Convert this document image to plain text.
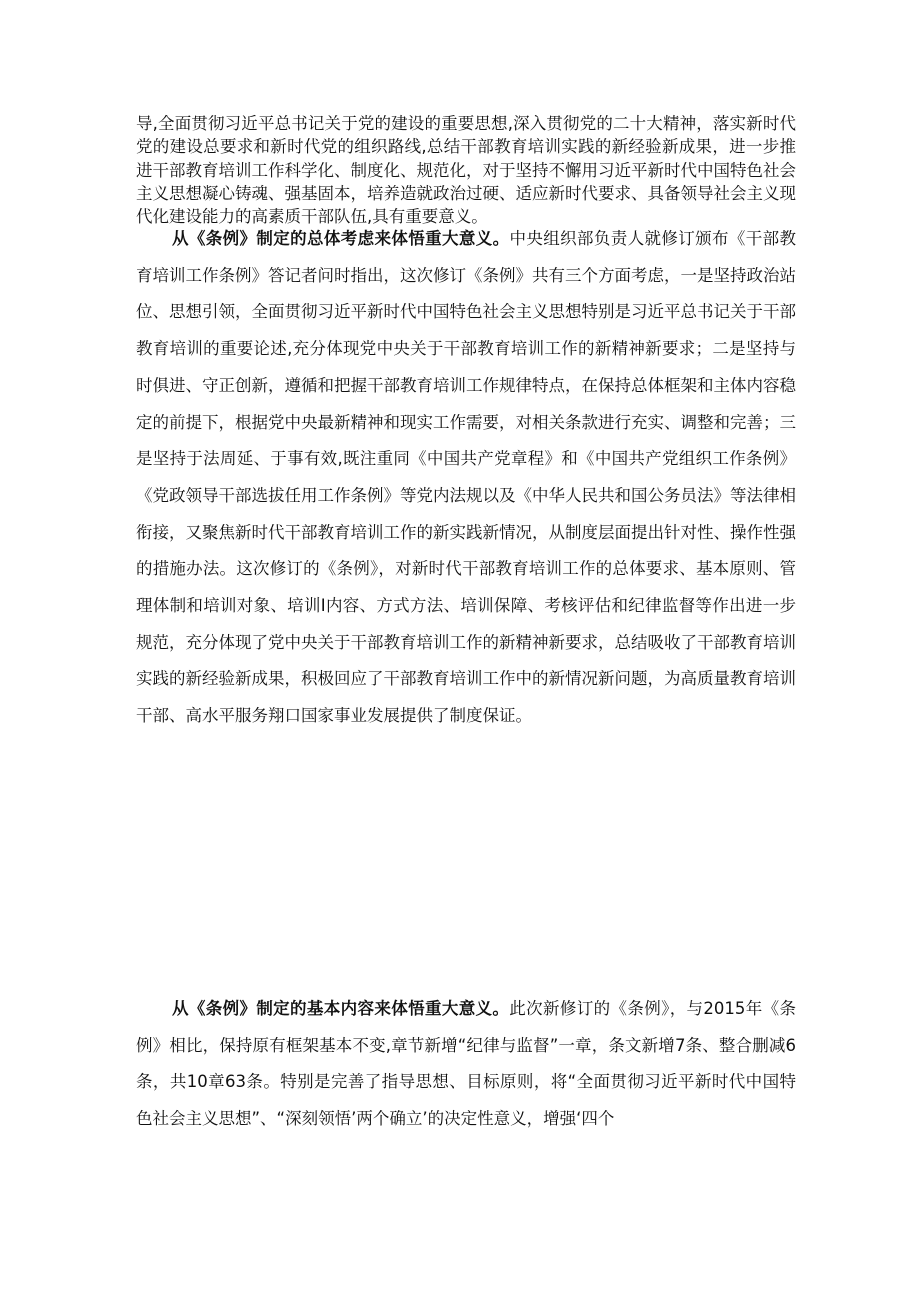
导,全面贯彻习近平总书记关于党的建设的重要思想,深入贯彻党的二十大精神，落实新时代党的建设总要求和新时代党的组织路线,总结干部教育培训实践的新经验新成果，进一步推进干部教育培训工作科学化、制度化、规范化，对于坚持不懈用习近平新时代中国特色社会主义思想凝心铸魂、强基固本，培养造就政治过硬、适应新时代要求、具备领导社会主义现代化建设能力的高素质干部队伍,具有重要意义。

从《条例》制定的总体考虑来体悟重大意义。中央组织部负责人就修订颁布《干部教育培训工作条例》答记者问时指出，这次修订《条例》共有三个方面考虑，一是坚持政治站位、思想引领，全面贯彻习近平新时代中国特色社会主义思想特别是习近平总书记关于干部教育培训的重要论述,充分体现党中央关于干部教育培训工作的新精神新要求；二是坚持与时俱进、守正创新，遵循和把握干部教育培训工作规律特点，在保持总体框架和主体内容稳定的前提下，根据党中央最新精神和现实工作需要，对相关条款进行充实、调整和完善；三是坚持于法周延、于事有效,既注重同《中国共产党章程》和《中国共产党组织工作条例》《党政领导干部选拔任用工作条例》等党内法规以及《中华人民共和国公务员法》等法律相衔接，又聚焦新时代干部教育培训工作的新实践新情况，从制度层面提出针对性、操作性强的措施办法。这次修订的《条例》，对新时代干部教育培训工作的总体要求、基本原则、管理体制和培训对象、培训I内容、方式方法、培训保障、考核评估和纪律监督等作出进一步规范，充分体现了党中央关于干部教育培训工作的新精神新要求，总结吸收了干部教育培训实践的新经验新成果，积极回应了干部教育培训工作中的新情况新问题，为高质量教育培训干部、高水平服务翔口国家事业发展提供了制度保证。

从《条例》制定的基本内容来体悟重大意义。此次新修订的《条例》，与2015年《条例》相比，保持原有框架基本不变,章节新增“纪律与监督”一章，条文新增7条、整合删减6条，共10章63条。特别是完善了指导思想、目标原则，将“全面贯彻习近平新时代中国特色社会主义思想”、“深刻领悟’两个确立’的决定性意义，增强‘四个
